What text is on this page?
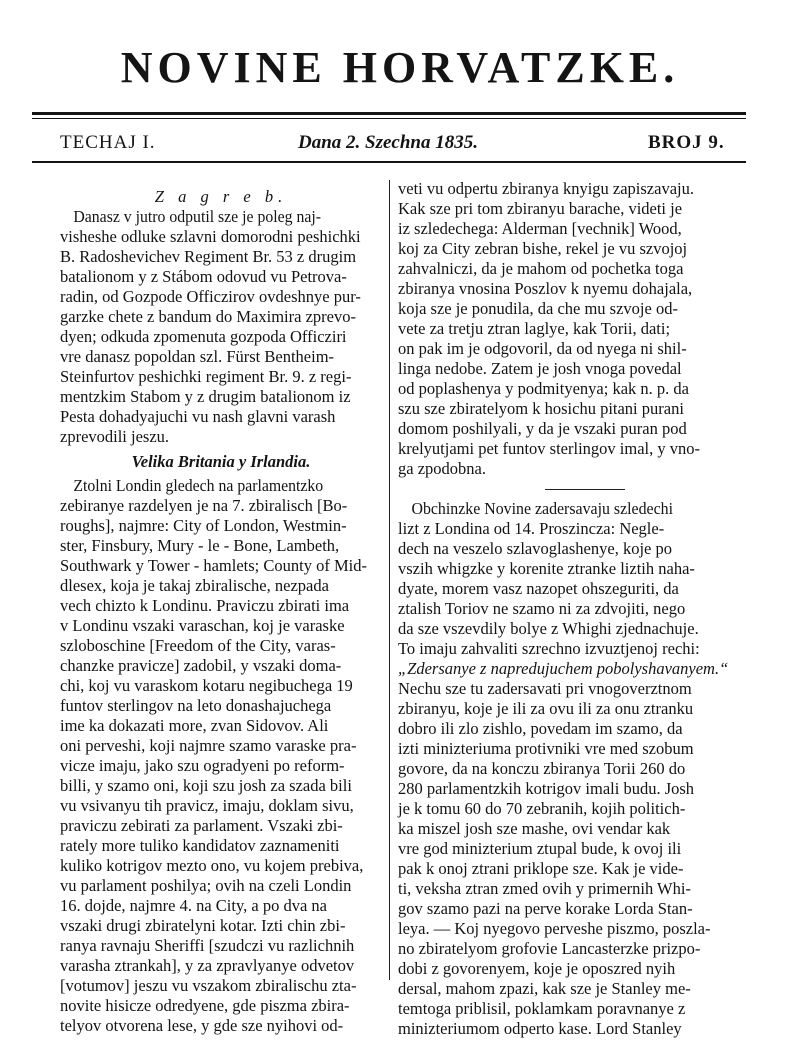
NOVINE HORVATZKE.
TECHAJ I.	Dana 2. Szechna 1835.	BROJ 9.
Z a g r e b.
Danasz v jutro odputil sze je poleg naj-
visheshe odluke szlavni domorodni peshichki
B. Radoshevichev Regiment Br. 53 z drugim
batalionom y z Stábom odovud vu Petrova-
radin, od Gozpode Officzirov ovdeshnye pur-
garzke chete z bandum do Maximira zprevo-
dyen; odkuda zpomenuta gozpoda Officziri
vre danasz popoldan szl. Fürst Bentheim-
Steinfurtov peshichki regiment Br. 9. z regi-
mentzkim Stabom y z drugim batalionom iz
Pesta dohadyajuchi vu nash glavni varash
zprevodili jeszu.
Velika Britania y Irlandia.
Ztolni Londin gledech na parlamentzko
zebiranye razdelyen je na 7. zbiralisch [Bo-
roughs], najmre: City of London, Westmin-
ster, Finsbury, Mury - le - Bone, Lambeth,
Southwark y Tower - hamlets; County of Mid-
dlesex, koja je takaj zbiralische, nezpada
vech chizto k Londinu. Praviczu zbirati ima
v Londinu vszaki varaschan, koj je varaske
szloboschine [Freedom of the City, varas-
chanzke pravicze] zadobil, y vszaki domа-
chi, koj vu varaskom kotaru negibuchega 19
funtov sterlingov na leto donashajuchega
ime ka dokazati more, zvan Sidovov. Ali
oni perveshi, koji najmre szamo varaske pra-
vicze imaju, jako szu ogradyeni po reform-
billi, y szamo oni, koji szu josh za szada bili
vu vsivanyu tih pravicz, imaju, doklam sivu,
praviczu zebirati za parlament. Vszaki zbi-
ratelу more tuliko kandidatov zaznamenіti
kuliko kotrigov mezto ono, vu kojem prebiva,
vu parlament poshilya; ovih na czeli Londin
16. dojde, najmre 4. na City, a po dva na
vszaki drugi zbiratelyni kotar. Izti chin zbi-
ranya ravnaju Sheriffi [szudczi vu razlichnih
varasha ztrankah], y za zpravlyanye odvetov
[votumov] jeszu vu vszakom zbiralischu zta-
novite hisicze odredyene, gde piszma zbira-
telyov otvorena lese, y gde sze nyihovi od-
veti vu odpertu zbiranya knyigu zapiszavaju.
Kak sze pri tom zbiranyu barache, videti je
iz szledechega: Alderman [vechnik] Wood,
koj za City zebran bishe, rekel je vu szvojoj
zahvalniczi, da je mahom od pochetka toga
zbiranya vnosina Poszlov k nyemu dohajala,
koja sze je ponudila, da che mu szvoje od-
vete za tretju ztran laglye, kak Torii, dati;
on pak im je odgovoril, da od nyega ni shil-
linga nedobe. Zatem je josh vnoga povedal
od poplashenya y podmityenya; kak n. p. da
szu sze zbiratelyom k hosichu pitani purani
domom poshilyali, y da je vszaki puran pod
krelyutjami pet funtov sterlingov imal, y vno-
ga zpodobna.
Obchinzke Novine zadersavaju szledechi
lizt z Londina od 14. Proszincza: Negle-
dech na veszelo szlavoglashenye, koje po
vszih whigzke y korenite ztranke liztih naha-
dyate, morem vasz nazopet ohszeguriti, da
ztalish Toriov ne szamo ni za zdvojiti, nego
da sze vszevdily bolye z Whighi zjednachuje.
To imaju zahvaliti szrechno izvuztjenoj rechi:
„Zdersanye z napredujuchem pobolyshavanyem.“
Nechu sze tu zadersavati pri vnogoverztnom
zbiranyu, koje je ili za ovu ili za onu ztranku
dobro ili zlo zishlo, povedam im szamo, da
izti minizteriuma protivniki vre med szobum
govore, da na konczu zbiranya Torii 260 do
280 parlamentzkih kotrigov imali budu. Josh
je k tomu 60 do 70 zebranih, kojih politich-
ka miszel josh sze mashe, ovi vendar kak
vre god minizterium ztupal bude, k ovoj ili
pak k onoj ztrani priklope sze. Kak je vide-
ti, veksha ztran zmed ovih y primernih Whi-
gov szamo pazi na perve korake Lorda Stan-
leya. — Koj nyegovo perveshe piszmo, poszla-
no zbiratelyom grofovie Lancasterzke prizpo-
dobi z govorenyem, koje je oposzred nyih
dersal, mahom zpazi, kak sze je Stanley me-
temtoga priblisil, poklamkam poravnanye z
minizteriumom odperto kase. Lord Stanley
